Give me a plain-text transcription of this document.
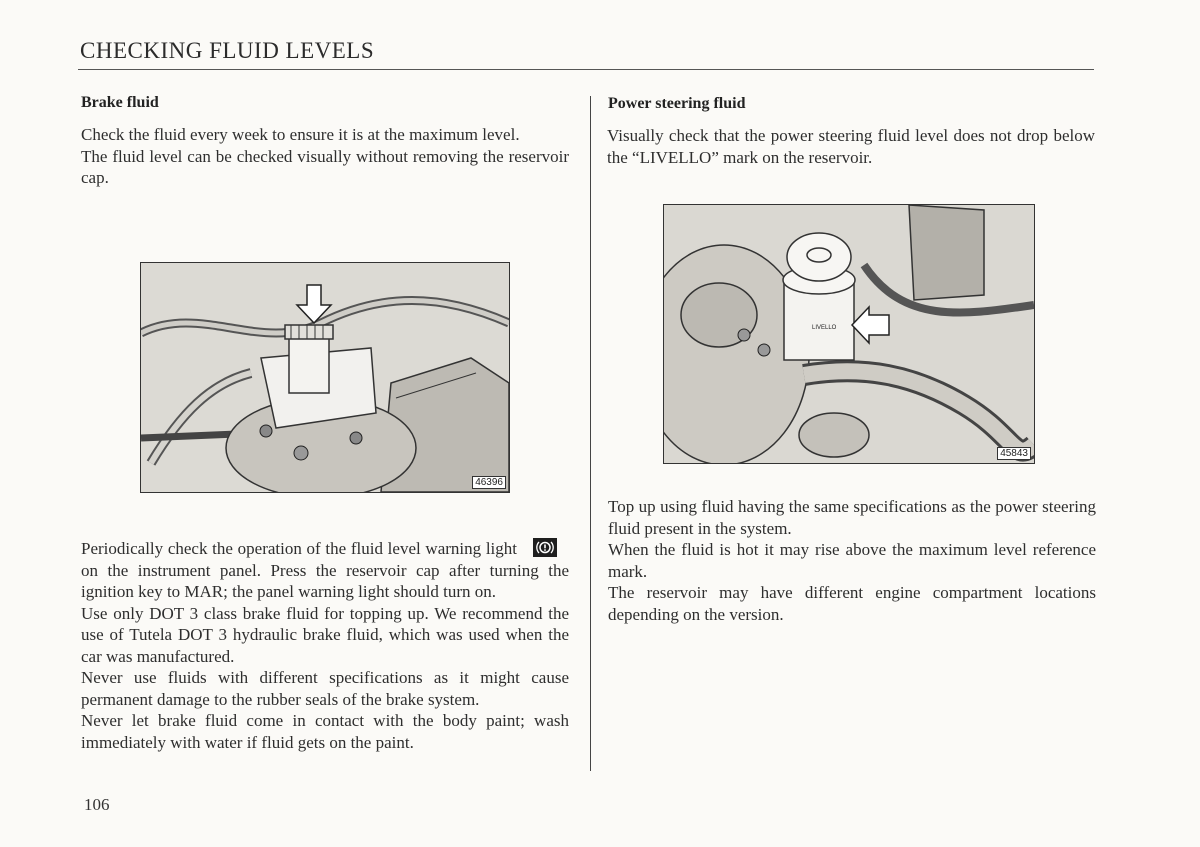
CHECKING FLUID LEVELS
Brake fluid

Check the fluid every week to ensure it is at the maximum level.

The fluid level can be checked visually without removing the reservoir cap.

46396

Periodically check the operation of the fluid level warning light
on the instrument panel. Press the reservoir cap after turning the ignition key to MAR; the panel warning light should turn on.

Use only DOT 3 class brake fluid for topping up. We recommend the use of Tutela DOT 3 hydraulic brake fluid, which was used when the car was manufactured.

Never use fluids with different specifications as it might cause permanent damage to the rubber seals of the brake system.

Never let brake fluid come in contact with the body paint; wash immediately with water if fluid gets on the paint.

Power steering fluid

Visually check that the power steering fluid level does not drop below the “LIVELLO” mark on the reservoir.

LIVELLO
45843

Top up using fluid having the same specifications as the power steering fluid present in the system.

When the fluid is hot it may rise above the maximum level reference mark.

The reservoir may have different engine compartment locations depending on the version.

106
